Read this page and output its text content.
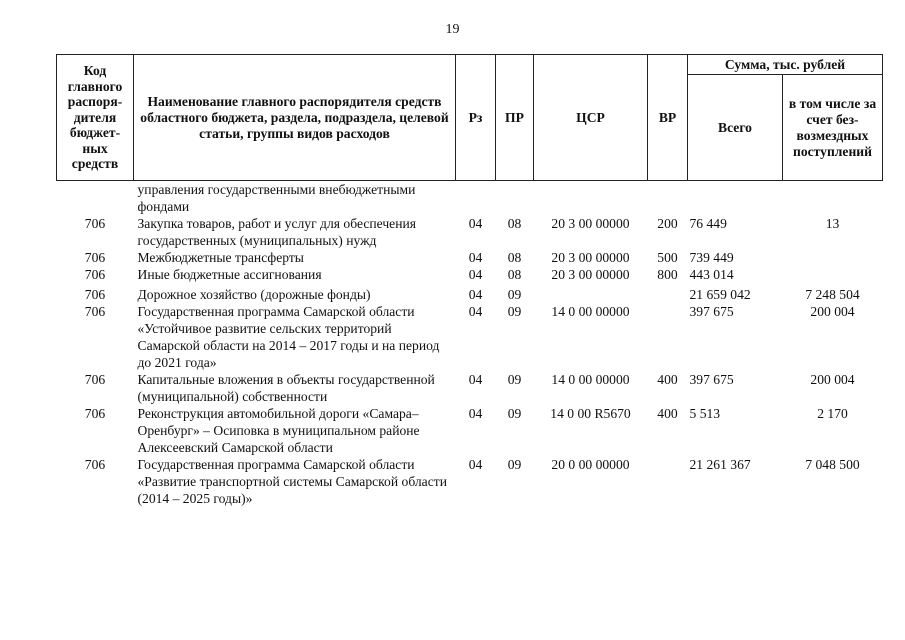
19
Код главного распоря-дителя бюджет-ных средств	Наименование главного распорядителя средств областного бюджета, раздела, подраздела, целевой статьи, группы видов расходов	Рз	ПР	ЦСР	ВР	Сумма, тыс. рублей	
						Всего	в том числе за счет без-возмездных поступлений
	управления государственными внебюджетными фондами						
706	Закупка товаров, работ и услуг для обеспечения государственных (муниципальных) нужд	04	08	20 3 00 00000	200	76 449	13
706	Межбюджетные трансферты	04	08	20 3 00 00000	500	739 449	
706	Иные бюджетные ассигнования	04	08	20 3 00 00000	800	443 014	
706	Дорожное хозяйство (дорожные фонды)	04	09			21 659 042	7 248 504
706	Государственная программа Самарской области «Устойчивое развитие сельских территорий Самарской области на 2014 – 2017 годы и на период до 2021 года»	04	09	14 0 00 00000		397 675	200 004
706	Капитальные вложения в объекты государственной (муниципальной) собственности	04	09	14 0 00 00000	400	397 675	200 004
706	Реконструкция автомобильной дороги «Самара–Оренбург» – Осиповка в муниципальном районе Алексеевский Самарской области	04	09	14 0 00 R5670	400	5 513	2 170
706	Государственная программа Самарской области «Развитие транспортной системы Самарской области (2014 – 2025 годы)»	04	09	20 0 00 00000		21 261 367	7 048 500
